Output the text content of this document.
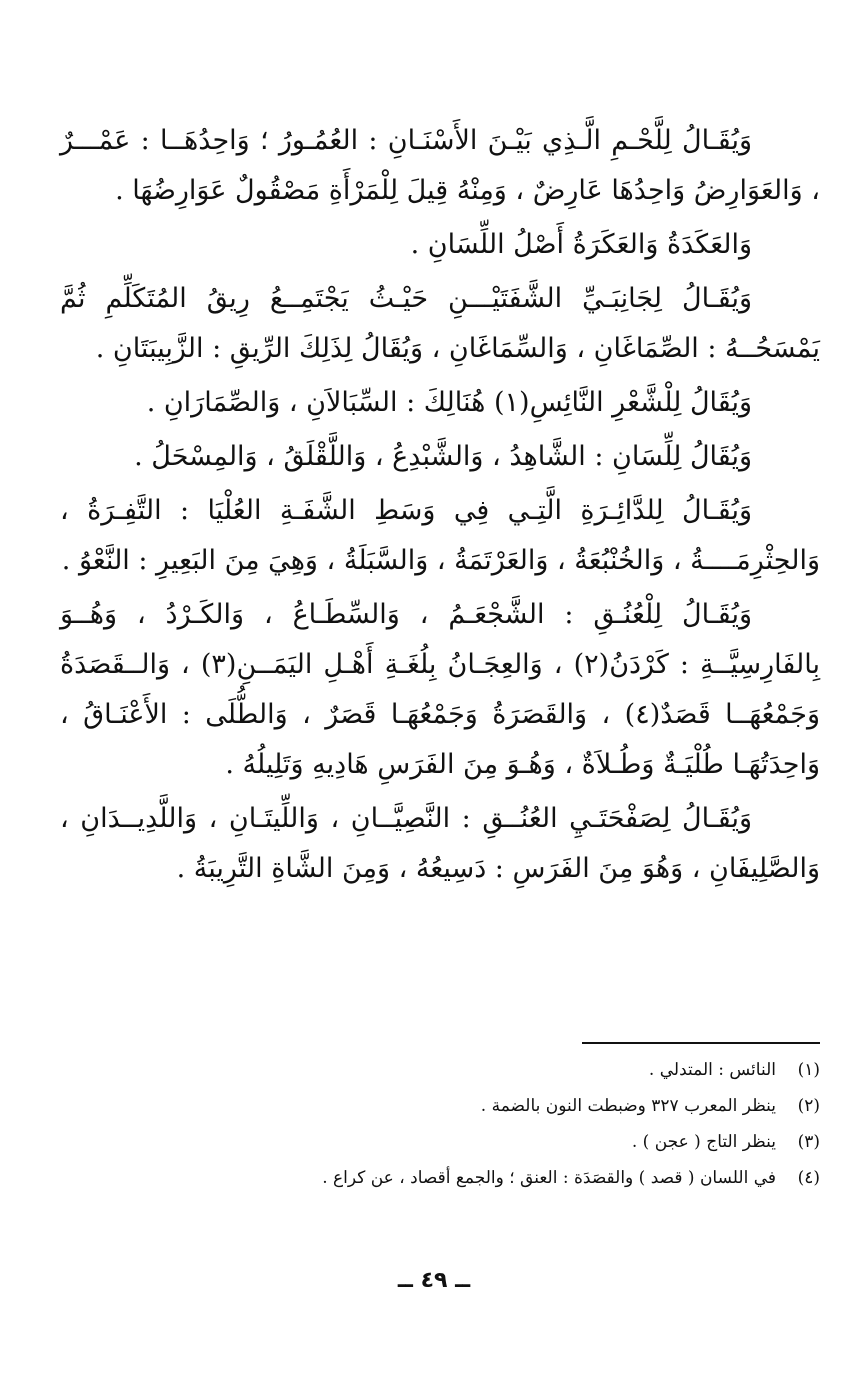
وَيُقَـالُ لِلَّحْـمِ الَّـذِي بَيْـنَ الأَسْنَـانِ : العُمُـورُ ؛ وَاحِدُهَــا : عَمْـــرٌ ، وَالعَوَارِضُ وَاحِدُهَا عَارِضٌ ، وَمِنْهُ قِيلَ لِلْمَرْأَةِ مَصْقُولٌ عَوَارِضُهَا .

وَالعَكَدَةُ وَالعَكَرَةُ أَصْلُ اللِّسَانِ .

وَيُقَـالُ لِجَانِبَـيِّ الشَّفَتَيْـــنِ حَيْـثُ يَجْتَمِــعُ رِيقُ المُتَكَلِّمِ ثُمَّ يَمْسَحُــهُ : الصِّمَاغَانِ ، وَالسِّمَاغَانِ ، وَيُقَالُ لِذَلِكَ الرِّيقِ : الزَّبِيبَتَانِ .

وَيُقَالُ لِلْشَّعْرِ النَّائِسِ(١) هُنَالِكَ : السِّبَالاَنِ ، وَالصِّمَارَانِ .

وَيُقَالُ لِلِّسَانِ : الشَّاهِدُ ، وَالشَّبْدِعُ ، وَاللَّقْلَقُ ، وَالمِسْحَلُ .

وَيُقَـالُ لِلدَّائِـرَةِ الَّتِـي فِي وَسَطِ الشَّفَـةِ العُلْيَا : التَّفِـرَةُ ، وَالحِثْرِمَــــةُ ، وَالخُنْبُعَةُ ، وَالعَرْتَمَةُ ، وَالسَّبَلَةُ ، وَهِيَ مِنَ البَعِيرِ : النَّعْوُ .

وَيُقَـالُ لِلْعُنُـقِ : الشَّجْعَـمُ ، وَالسِّطَـاعُ ، وَالكَـرْدُ ، وَهُــوَ بِالفَارِسِيَّــةِ : كَرْدَنُ(٢) ، وَالعِجَـانُ بِلُغَـةِ أَهْـلِ اليَمَــنِ(٣) ، وَالــقَصَدَةُ وَجَمْعُهَــا قَصَدٌ(٤) ، وَالقَصَرَةُ وَجَمْعُهَـا قَصَرٌ ، وَالطُّلَى : الأَعْنَـاقُ ، وَاحِدَتُهَـا طُلْيَـةٌ وَطُـلاَةٌ ، وَهُـوَ مِنَ الفَرَسِ هَادِيهِ وَتَلِيلُهُ .

وَيُقَـالُ لِصَفْحَتَـيِ العُنُــقِ : النَّصِيَّــانِ ، وَاللِّيتَـانِ ، وَاللَّدِيــدَانِ ، وَالصَّلِيفَانِ ، وَهُوَ مِنَ الفَرَسِ : دَسِيعُهُ ، وَمِنَ الشَّاةِ التَّرِيبَةُ .

(١)
النائس : المتدلي .
(٢)
ينظر المعرب ٣٢٧ وضبطت النون بالضمة .
(٣)
ينظر التاج ( عجن ) .
(٤)
في اللسان ( قصد ) والقصَدَة : العنق ؛ والجمع أقصاد ، عن كراع .
ــ ٤٩ ــ
